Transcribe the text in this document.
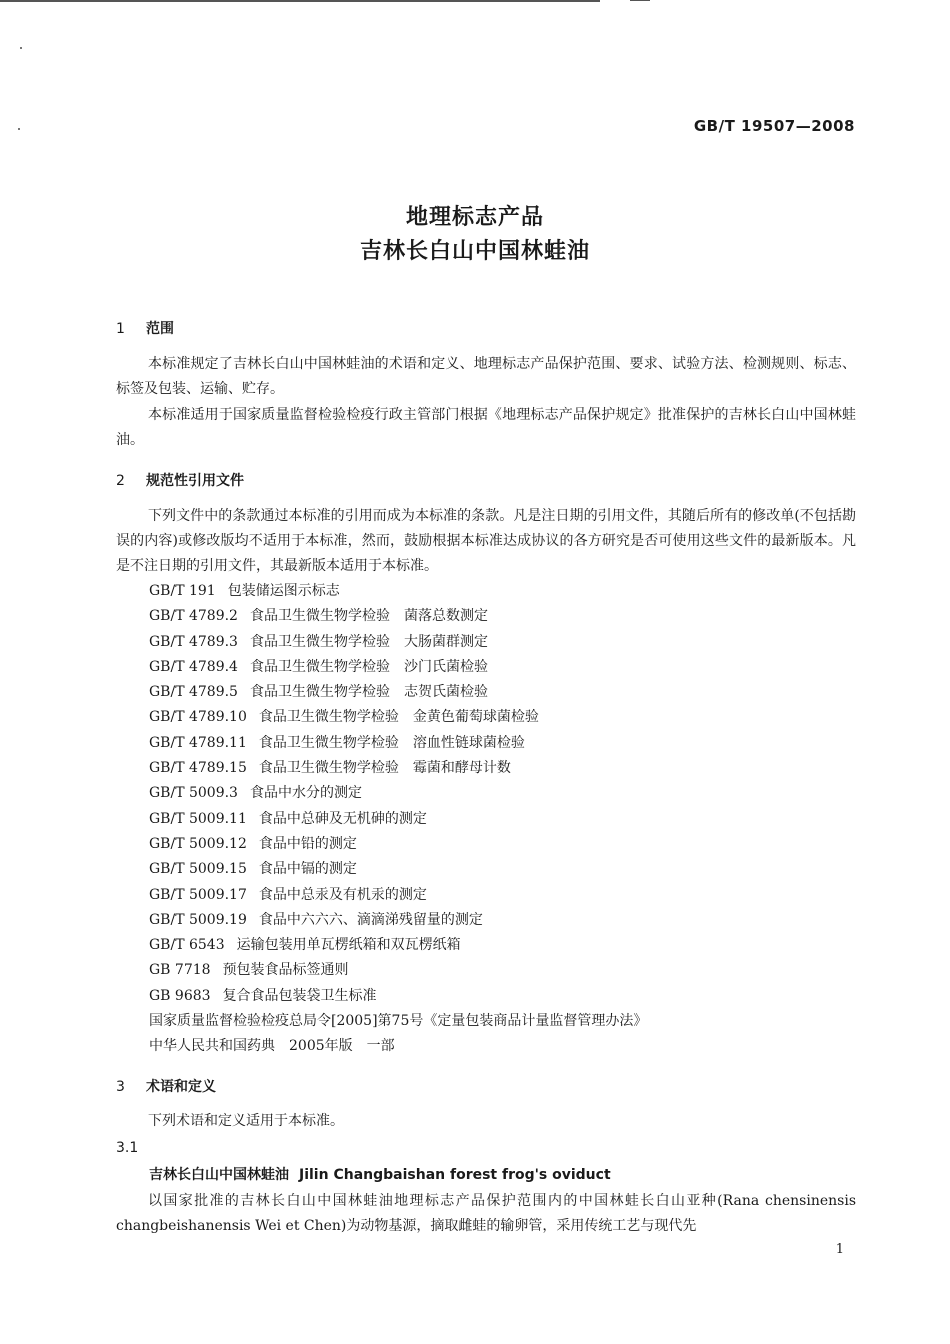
GB/T 19507—2008
地理标志产品
吉林长白山中国林蛙油
1 范围

本标准规定了吉林长白山中国林蛙油的术语和定义、地理标志产品保护范围、要求、试验方法、检测规则、标志、标签及包装、运输、贮存。

本标准适用于国家质量监督检验检疫行政主管部门根据《地理标志产品保护规定》批准保护的吉林长白山中国林蛙油。

2 规范性引用文件

下列文件中的条款通过本标准的引用而成为本标准的条款。凡是注日期的引用文件，其随后所有的修改单(不包括勘误的内容)或修改版均不适用于本标准，然而，鼓励根据本标准达成协议的各方研究是否可使用这些文件的最新版本。凡是不注日期的引用文件，其最新版本适用于本标准。

GB/T 191 包装储运图示标志
GB/T 4789.2 食品卫生微生物学检验　菌落总数测定
GB/T 4789.3 食品卫生微生物学检验　大肠菌群测定
GB/T 4789.4 食品卫生微生物学检验　沙门氏菌检验
GB/T 4789.5 食品卫生微生物学检验　志贺氏菌检验
GB/T 4789.10 食品卫生微生物学检验　金黄色葡萄球菌检验
GB/T 4789.11 食品卫生微生物学检验　溶血性链球菌检验
GB/T 4789.15 食品卫生微生物学检验　霉菌和酵母计数
GB/T 5009.3 食品中水分的测定
GB/T 5009.11 食品中总砷及无机砷的测定
GB/T 5009.12 食品中铅的测定
GB/T 5009.15 食品中镉的测定
GB/T 5009.17 食品中总汞及有机汞的测定
GB/T 5009.19 食品中六六六、滴滴涕残留量的测定
GB/T 6543 运输包装用单瓦楞纸箱和双瓦楞纸箱
GB 7718 预包装食品标签通则
GB 9683 复合食品包装袋卫生标准
国家质量监督检验检疫总局令[2005]第75号《定量包装商品计量监督管理办法》
中华人民共和国药典　2005年版　一部
3 术语和定义

下列术语和定义适用于本标准。

3.1
吉林长白山中国林蛙油 Jilin Changbaishan forest frog's oviduct

以国家批准的吉林长白山中国林蛙油地理标志产品保护范围内的中国林蛙长白山亚种(Rana chensinensis changbeishanensis Wei et Chen)为动物基源，摘取雌蛙的输卵管，采用传统工艺与现代先

1
